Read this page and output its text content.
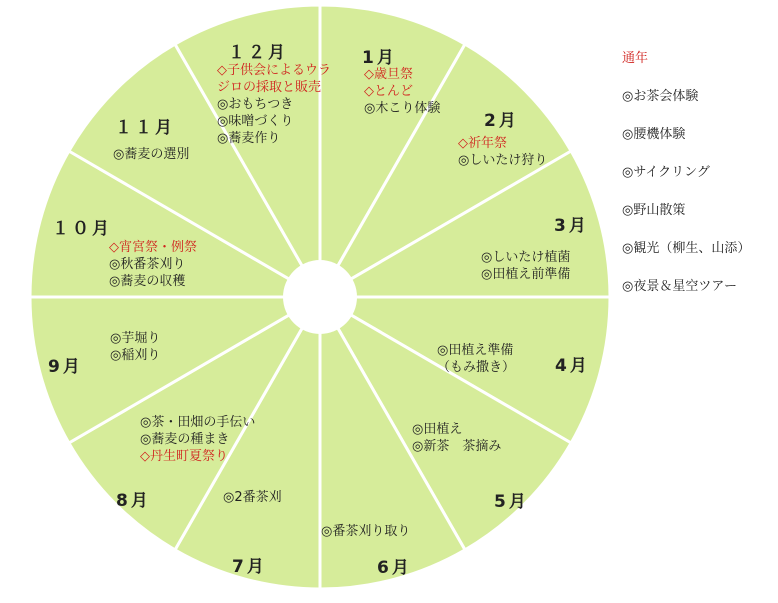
1月
2月
3月
4月
5月
6月
7月
8月
9月
１０月
１１月
１２月
◇歳旦祭
◇とんど
◎木こり体験
◇祈年祭
◎しいたけ狩り
◎しいたけ植菌
◎田植え前準備
◎田植え準備
（もみ撒き）
◎田植え
◎新茶　茶摘み
◎番茶刈り取り
◎2番茶刈
◎茶・田畑の手伝い
◎蕎麦の種まき
◇丹生町夏祭り
◎芋堀り
◎稲刈り
◇宵宮祭・例祭
◎秋番茶刈り
◎蕎麦の収穫
◎蕎麦の選別
◇子供会によるウラ
ジロの採取と販売
◎おもちつき
◎味噌づくり
◎蕎麦作り
通年
◎お茶会体験
◎腰機体験
◎サイクリング
◎野山散策
◎観光（柳生、山添）
◎夜景＆星空ツアー
